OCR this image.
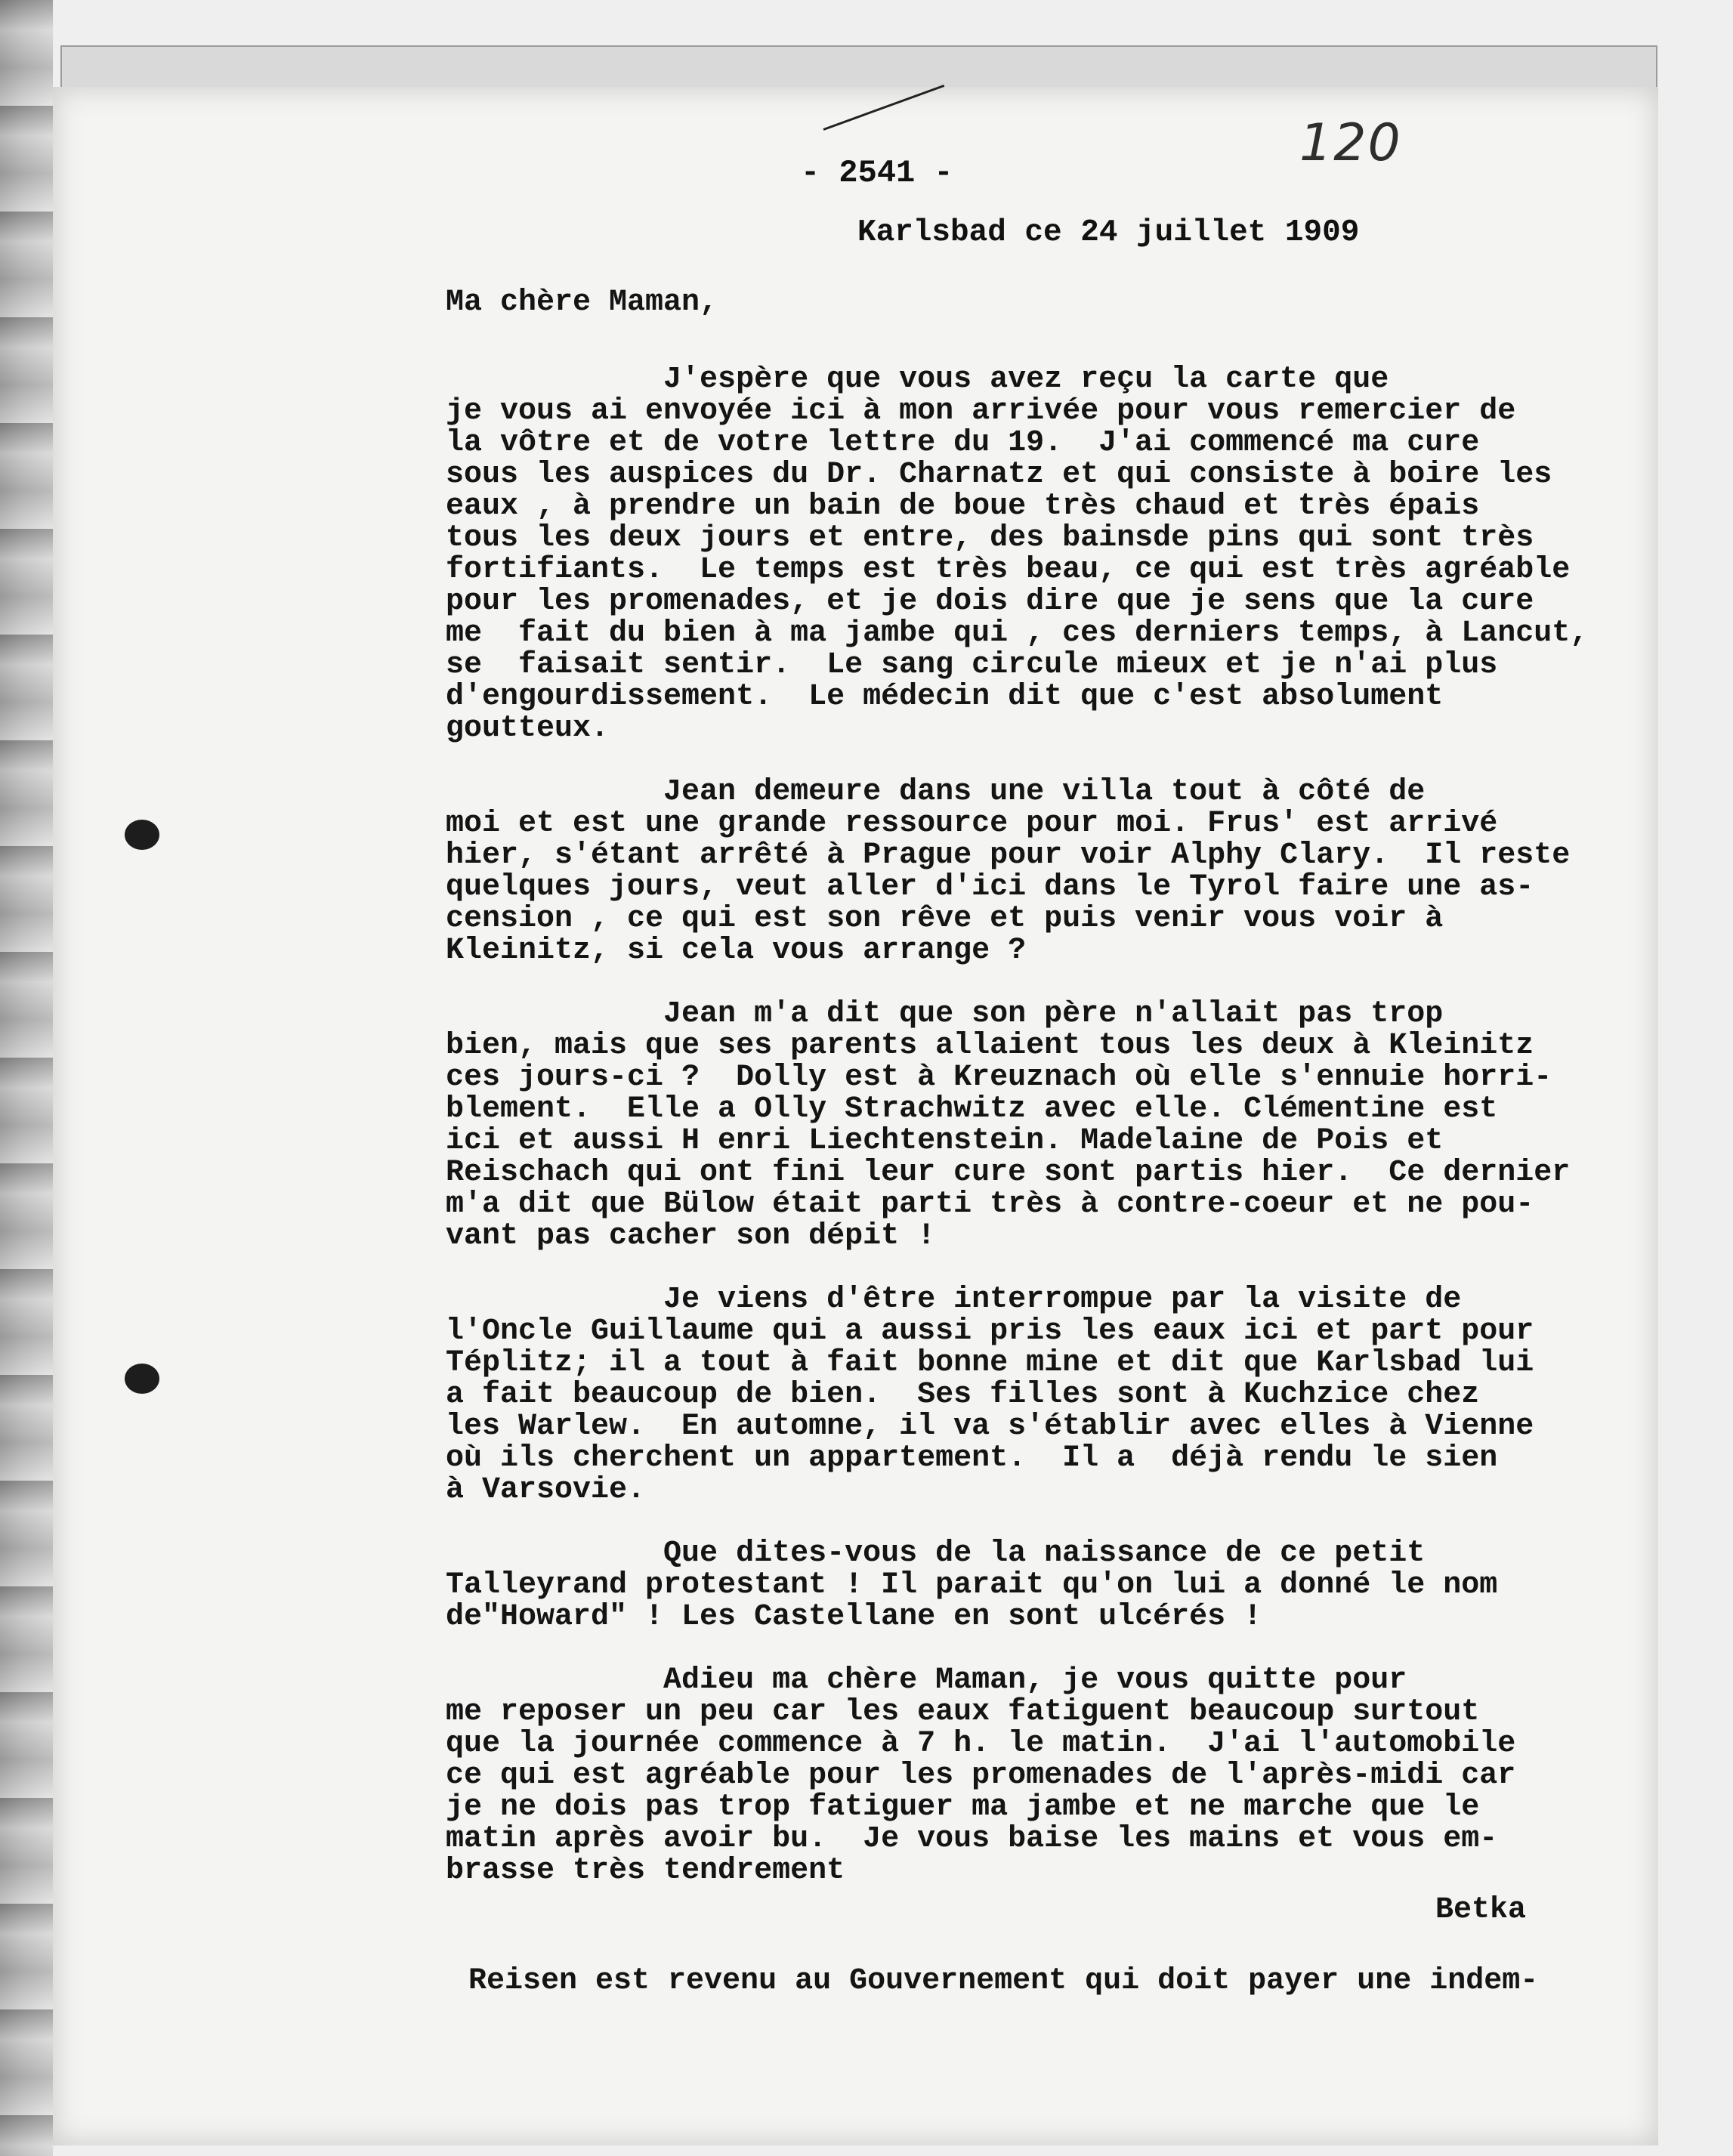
120
- 2541 -
Karlsbad ce 24 juillet 1909
Ma chère Maman,

J'espère que vous avez reçu la carte que

je vous ai envoyée ici à mon arrivée pour vous remercier de

la vôtre et de votre lettre du 19.  J'ai commencé ma cure

sous les auspices du Dr. Charnatz et qui consiste à boire les

eaux , à prendre un bain de boue très chaud et très épais

tous les deux jours et entre, des bainsde pins qui sont très

fortifiants.  Le temps est très beau, ce qui est très agréable

pour les promenades, et je dois dire que je sens que la cure

me  fait du bien à ma jambe qui , ces derniers temps, à Lancut,

se  faisait sentir.  Le sang circule mieux et je n'ai plus

d'engourdissement.  Le médecin dit que c'est absolument

goutteux.

Jean demeure dans une villa tout à côté de

moi et est une grande ressource pour moi. Frus' est arrivé

hier, s'étant arrêté à Prague pour voir Alphy Clary.  Il reste

quelques jours, veut aller d'ici dans le Tyrol faire une as-

cension , ce qui est son rêve et puis venir vous voir à

Kleinitz, si cela vous arrange ?

Jean m'a dit que son père n'allait pas trop

bien, mais que ses parents allaient tous les deux à Kleinitz

ces jours-ci ?  Dolly est à Kreuznach où elle s'ennuie horri-

blement.  Elle a Olly Strachwitz avec elle. Clémentine est

ici et aussi H enri Liechtenstein. Madelaine de Pois et

Reischach qui ont fini leur cure sont partis hier.  Ce dernier

m'a dit que Bülow était parti très à contre-coeur et ne pou-

vant pas cacher son dépit !

Je viens d'être interrompue par la visite de

l'Oncle Guillaume qui a aussi pris les eaux ici et part pour

Téplitz; il a tout à fait bonne mine et dit que Karlsbad lui

a fait beaucoup de bien.  Ses filles sont à Kuchzice chez

les Warlew.  En automne, il va s'établir avec elles à Vienne

où ils cherchent un appartement.  Il a  déjà rendu le sien

à Varsovie.

Que dites-vous de la naissance de ce petit

Talleyrand protestant ! Il parait qu'on lui a donné le nom

de"Howard" ! Les Castellane en sont ulcérés !

Adieu ma chère Maman, je vous quitte pour

me reposer un peu car les eaux fatiguent beaucoup surtout

que la journée commence à 7 h. le matin.  J'ai l'automobile

ce qui est agréable pour les promenades de l'après-midi car

je ne dois pas trop fatiguer ma jambe et ne marche que le

matin après avoir bu.  Je vous baise les mains et vous em-

brasse très tendrement

Betka
Reisen est revenu au Gouvernement qui doit payer une indem-
